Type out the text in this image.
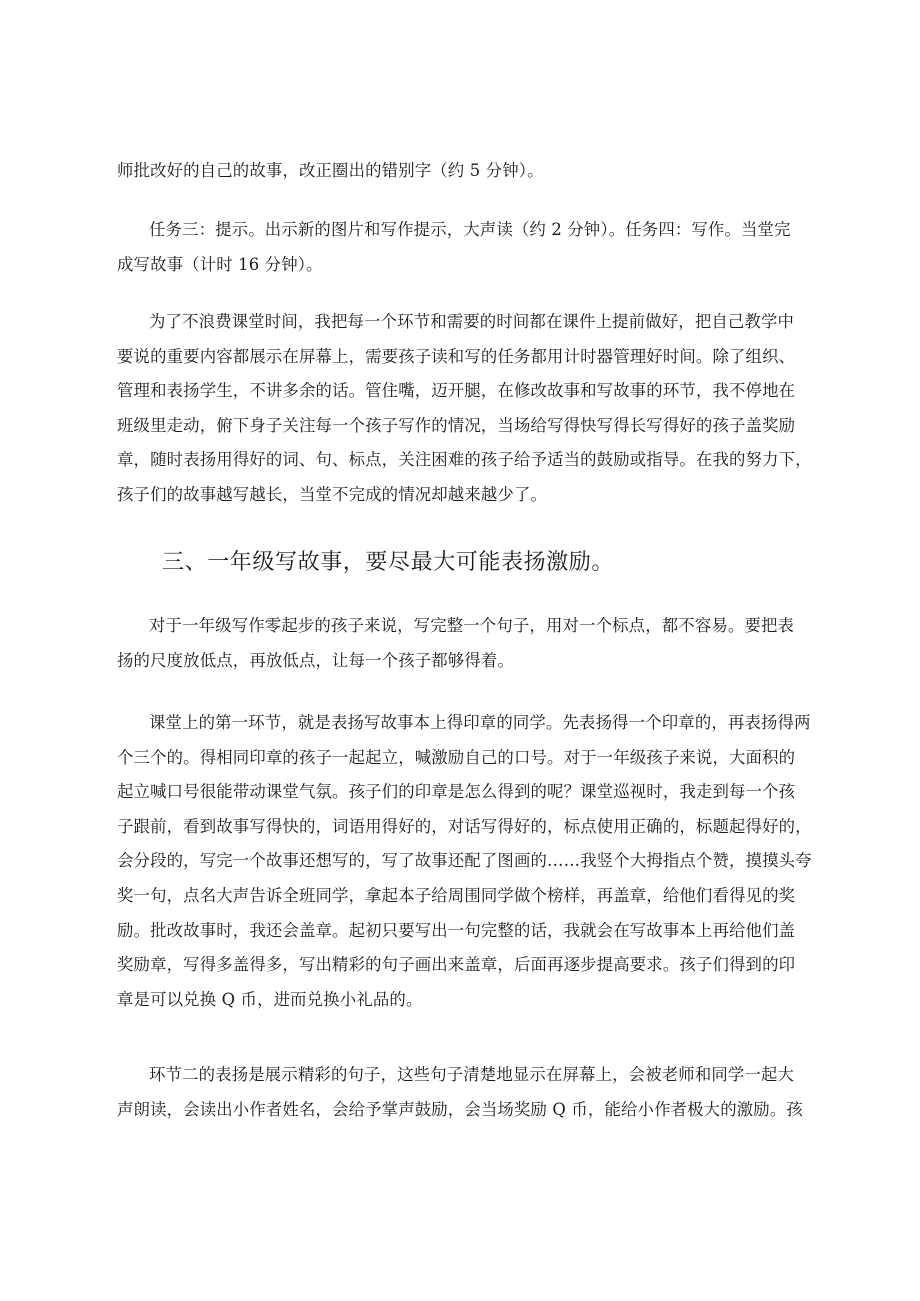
师批改好的自己的故事，改正圈出的错别字（约 5 分钟）。

任务三：提示。出示新的图片和写作提示，大声读（约 2 分钟）。任务四：写作。当堂完
成写故事（计时 16 分钟）。

为了不浪费课堂时间，我把每一个环节和需要的时间都在课件上提前做好，把自己教学中
要说的重要内容都展示在屏幕上，需要孩子读和写的任务都用计时器管理好时间。除了组织、
管理和表扬学生，不讲多余的话。管住嘴，迈开腿，在修改故事和写故事的环节，我不停地在
班级里走动，俯下身子关注每一个孩子写作的情况，当场给写得快写得长写得好的孩子盖奖励
章，随时表扬用得好的词、句、标点，关注困难的孩子给予适当的鼓励或指导。在我的努力下，
孩子们的故事越写越长，当堂不完成的情况却越来越少了。

三、一年级写故事，要尽最大可能表扬激励。

对于一年级写作零起步的孩子来说，写完整一个句子，用对一个标点，都不容易。要把表
扬的尺度放低点，再放低点，让每一个孩子都够得着。

课堂上的第一环节，就是表扬写故事本上得印章的同学。先表扬得一个印章的，再表扬得两
个三个的。得相同印章的孩子一起起立，喊激励自己的口号。对于一年级孩子来说，大面积的
起立喊口号很能带动课堂气氛。孩子们的印章是怎么得到的呢？课堂巡视时，我走到每一个孩
子跟前，看到故事写得快的，词语用得好的，对话写得好的，标点使用正确的，标题起得好的，
会分段的，写完一个故事还想写的，写了故事还配了图画的……我竖个大拇指点个赞，摸摸头夸
奖一句，点名大声告诉全班同学，拿起本子给周围同学做个榜样，再盖章，给他们看得见的奖
励。批改故事时，我还会盖章。起初只要写出一句完整的话，我就会在写故事本上再给他们盖
奖励章，写得多盖得多，写出精彩的句子画出来盖章，后面再逐步提高要求。孩子们得到的印
章是可以兑换 Q 币，进而兑换小礼品的。

环节二的表扬是展示精彩的句子，这些句子清楚地显示在屏幕上，会被老师和同学一起大
声朗读，会读出小作者姓名，会给予掌声鼓励，会当场奖励 Q 币，能给小作者极大的激励。孩
